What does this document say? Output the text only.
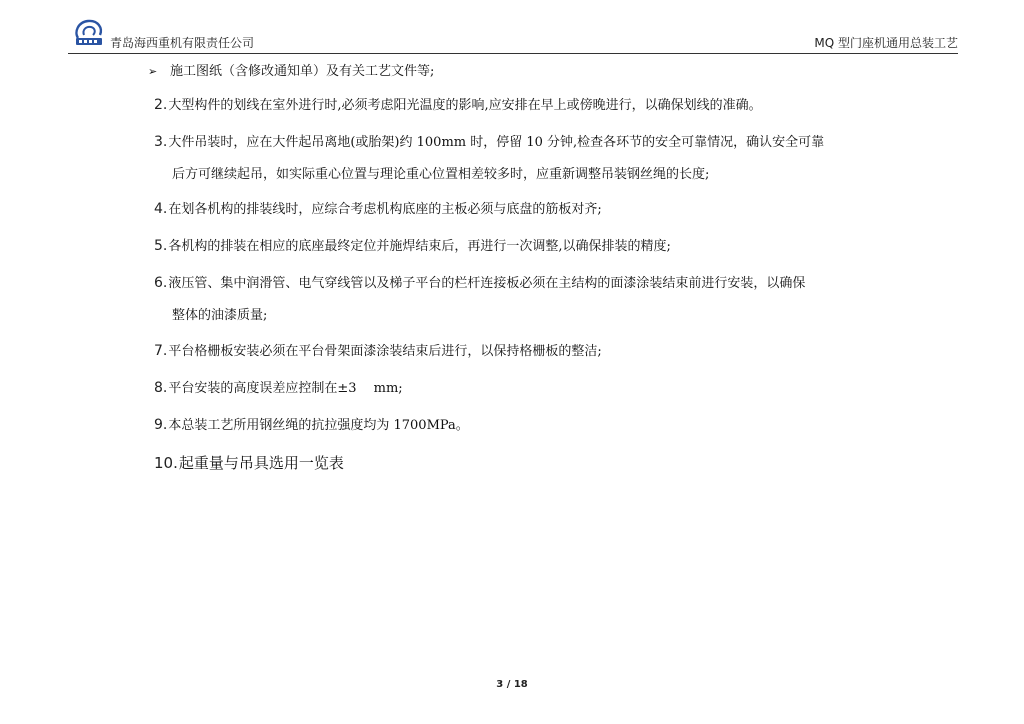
青岛海西重机有限责任公司	MQ 型门座机通用总装工艺
➢ 施工图纸（含修改通知单）及有关工艺文件等;
2.大型构件的划线在室外进行时,必须考虑阳光温度的影响,应安排在早上或傍晚进行，以确保划线的准确。
3.大件吊装时，应在大件起吊离地(或胎架)约 100mm 时，停留 10 分钟,检查各环节的安全可靠情况，确认安全可靠
后方可继续起吊，如实际重心位置与理论重心位置相差较多时，应重新调整吊装钢丝绳的长度;
4.在划各机构的排装线时，应综合考虑机构底座的主板必须与底盘的筋板对齐;
5.各机构的排装在相应的底座最终定位并施焊结束后，再进行一次调整,以确保排装的精度;
6.液压管、集中润滑管、电气穿线管以及梯子平台的栏杆连接板必须在主结构的面漆涂装结束前进行安装，以确保
整体的油漆质量;
7.平台格栅板安装必须在平台骨架面漆涂装结束后进行，以保持格栅板的整洁;
8.平台安装的高度误差应控制在±3　 mm;
9.本总装工艺所用钢丝绳的抗拉强度均为 1700MPa。
10.起重量与吊具选用一览表
3 / 18
